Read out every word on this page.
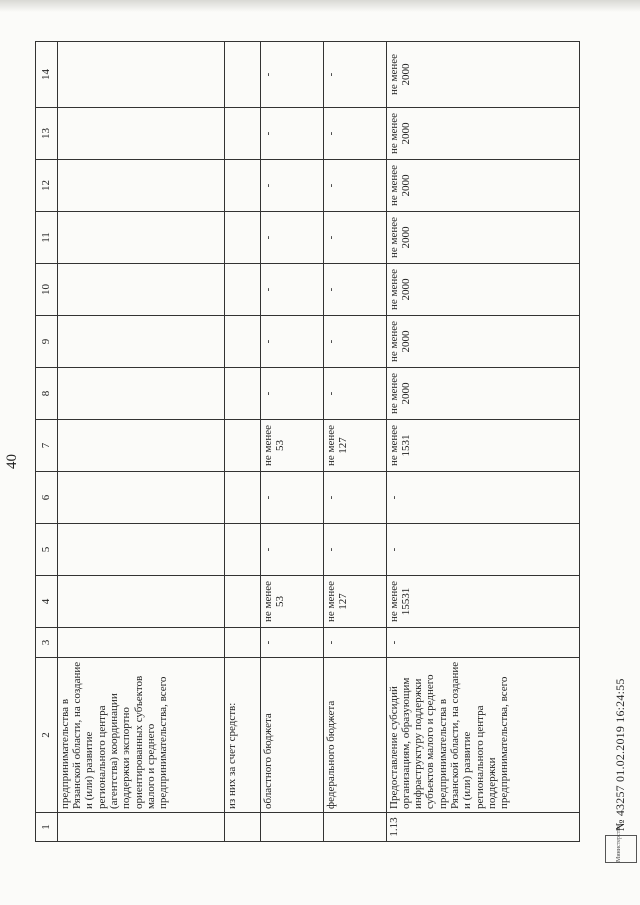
40
1	2	3	4	5	6	7	8	9	10	11	12	13	14
	предпринимательства в Рязанской области, на создание и (или) развитие регионального центра (агентства) координации поддержки экспортно ориентированных субъектов малого и среднего предпринимательства, всего												
	из них за счет средств:												
	областного бюджета	-	не менее 53	-	-	не менее 53	-	-	-	-	-	-	-
	федерального бюджета	-	не менее 127	-	-	не менее 127	-	-	-	-	-	-	-
1.13	Предоставление субсидий организациям, образующим инфраструктуру поддержки субъектов малого и среднего предпринимательства в Рязанской области, на создание и (или) развитие регионального центра поддержки предпринимательства, всего	-	не менее 15531	-	-	не менее 1531	не менее 2000	не менее 2000	не менее 2000	не менее 2000	не менее 2000	не менее 2000	не менее 2000
Министерство
№ 43257 01.02.2019 16:24:55
